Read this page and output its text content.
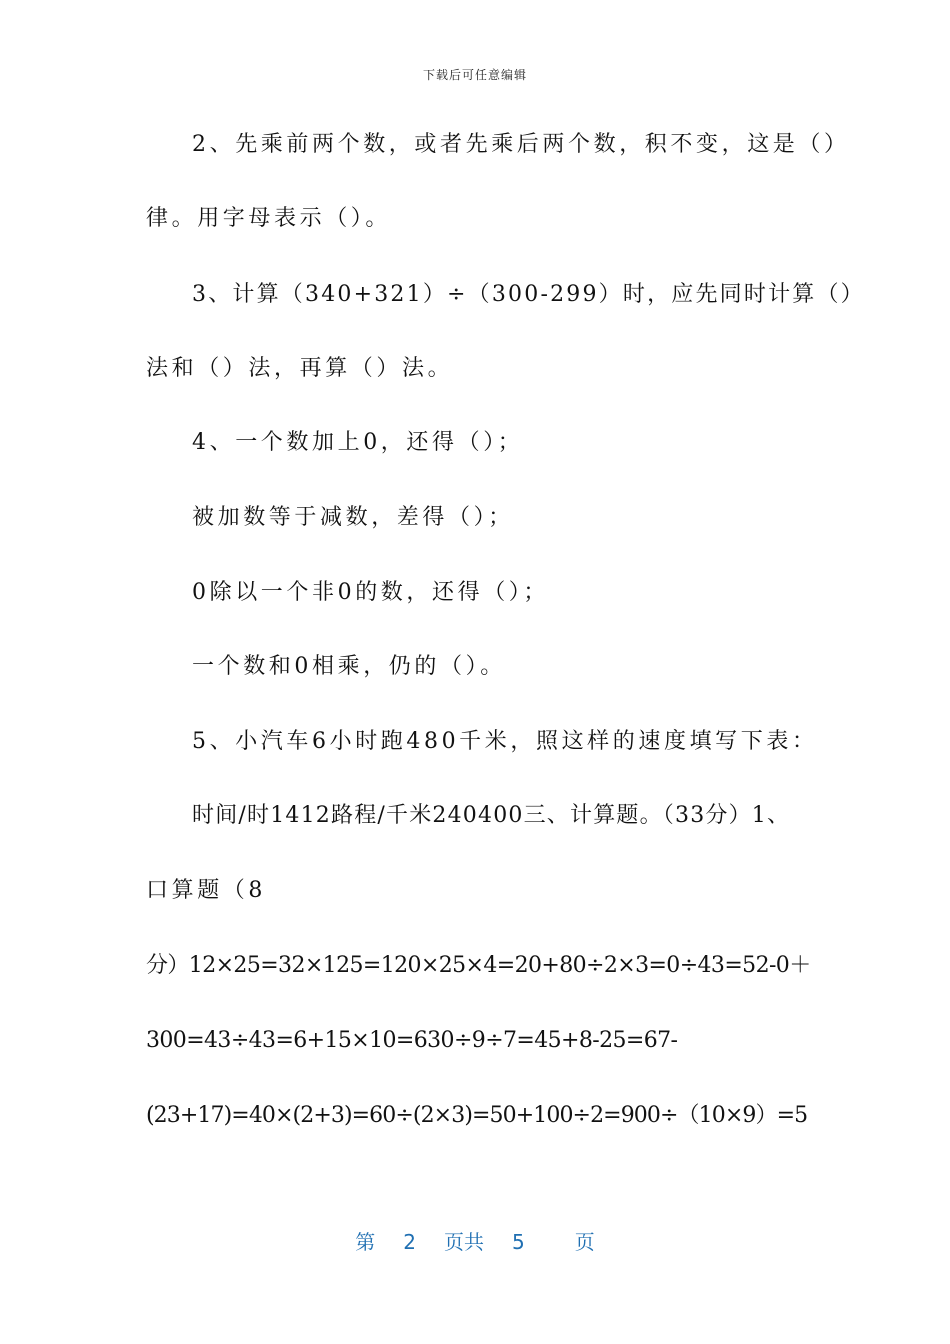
下载后可任意编辑
2、先乘前两个数，或者先乘后两个数，积不变，这是（）
律。用字母表示（）。
3、计算（340+321）÷（300-299）时，应先同时计算（）
法和（）法，再算（）法。
4、一个数加上0，还得（）；
被加数等于减数，差得（）；
0除以一个非0的数，还得（）；
一个数和0相乘，仍的（）。
5、小汽车6小时跑480千米，照这样的速度填写下表：
时间/时1412路程/千米240400三、计算题。（33分）1、
口算题（8
分）12×25=32×125=120×25×4=20+80÷2×3=0÷43=52-0＋
300=43÷43=6+15×10=630÷9÷7=45+8-25=67-
(23+17)=40×(2+3)=60÷(2×3)=50+100÷2=900÷（10×9）=5
第 2 页共 5	页
